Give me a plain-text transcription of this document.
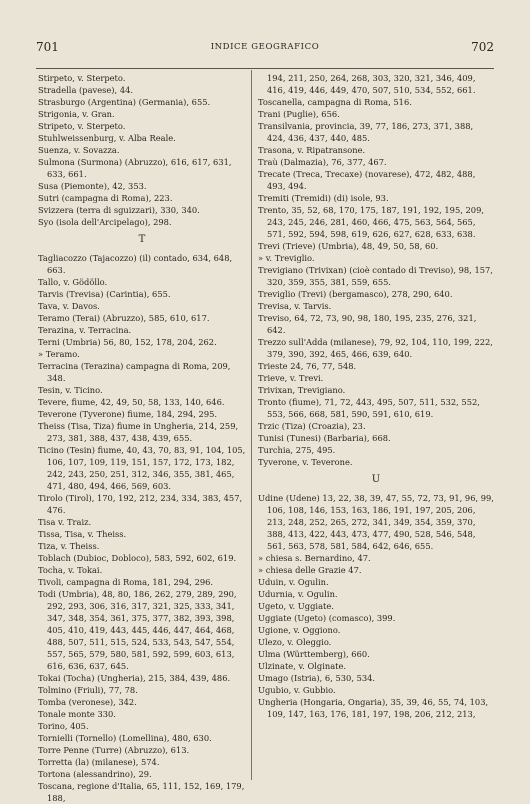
701	INDICE GEOGRAFICO	702
Stirpeto, v. Sterpeto.
Stradella (pavese), 44.
Strasburgo (Argentina) (Germania), 655.
Strigonia, v. Gran.
Stripeto, v. Sterpeto.
Stuhlweissenburg, v. Alba Reale.
Suenza, v. Sovazza.
Sulmona (Surmona) (Abruzzo), 616, 617, 631, 633, 661.
Susa (Piemonte), 42, 353.
Sutri (campagna di Roma), 223.
Svizzera (terra di sguizzari), 330, 340.
Syo (isola dell'Arcipelago), 298.
T
Tagliacozzo (Tajacozzo) (il) contado, 634, 648, 663.
Tallo, v. Gödöllo.
Tarvis (Trevisa) (Carintia), 655.
Tava, v. Davos.
Teramo (Terai) (Abruzzo), 585, 610, 617.
Terazina, v. Terracina.
Terni (Umbria) 56, 80, 152, 178, 204, 262.
» Teramo.
Terracina (Terazina) campagna di Roma, 209, 348.
Tesin, v. Ticino.
Tevere, fiume, 42, 49, 50, 58, 133, 140, 646.
Teverone (Tyverone) fiume, 184, 294, 295.
Theiss (Tisa, Tiza) fiume in Ungheria, 214, 259, 273, 381, 388, 437, 438, 439, 655.
Ticino (Tesin) fiume, 40, 43, 70, 83, 91, 104, 105, 106, 107, 109, 119, 151, 157, 172, 173, 182, 242, 243, 250, 251, 312, 346, 355, 381, 465, 471, 480, 494, 466, 569, 603.
Tirolo (Tirol), 170, 192, 212, 234, 334, 383, 457, 476.
Tisa v. Traiz.
Tissa, Tisa, v. Theiss.
Tiza, v. Theiss.
Toblach (Dubioc, Dobloco), 583, 592, 602, 619.
Tocha, v. Tokai.
Tivoli, campagna di Roma, 181, 294, 296.
Todi (Umbria), 48, 80, 186, 262, 279, 289, 290, 292, 293, 306, 316, 317, 321, 325, 333, 341, 347, 348, 354, 361, 375, 377, 382, 393, 398, 405, 410, 419, 443, 445, 446, 447, 464, 468, 488, 507, 511, 515, 524, 533, 543, 547, 554, 557, 565, 579, 580, 581, 592, 599, 603, 613, 616, 636, 637, 645.
Tokai (Tocha) (Ungheria), 215, 384, 439, 486.
Tolmino (Friuli), 77, 78.
Tomba (veronese), 342.
Tonale monte 330.
Torino, 405.
Tornielli (Tornello) (Lomellina), 480, 630.
Torre Penne (Turre) (Abruzzo), 613.
Torretta (la) (milanese), 574.
Tortona (alessandrino), 29.
Toscana, regione d'Italia, 65, 111, 152, 169, 179, 188,
194, 211, 250, 264, 268, 303, 320, 321, 346, 409, 416, 419, 446, 449, 470, 507, 510, 534, 552, 661.
Toscanella, campagna di Roma, 516.
Trani (Puglie), 656.
Transilvania, provincia, 39, 77, 186, 273, 371, 388, 424, 436, 437, 440, 485.
Trasona, v. Ripatransone.
Traù (Dalmazia), 76, 377, 467.
Trecate (Treca, Trecaxe) (novarese), 472, 482, 488, 493, 494.
Tremiti (Tremidi) (di) isole, 93.
Trento, 35, 52, 68, 170, 175, 187, 191, 192, 195, 209, 243, 245, 246, 281, 460, 466, 475, 563, 564, 565, 571, 592, 594, 598, 619, 626, 627, 628, 633, 638.
Trevi (Trieve) (Umbria), 48, 49, 50, 58, 60.
» v. Treviglio.
Trevigiano (Trivixan) (cioè contado di Treviso), 98, 157, 320, 359, 355, 381, 559, 655.
Treviglio (Trevi) (bergamasco), 278, 290, 640.
Trevisa, v. Tarvis.
Treviso, 64, 72, 73, 90, 98, 180, 195, 235, 276, 321, 642.
Trezzo sull'Adda (milanese), 79, 92, 104, 110, 199, 222, 379, 390, 392, 465, 466, 639, 640.
Trieste 24, 76, 77, 548.
Trieve, v. Trevi.
Trivixan, Trevigiano.
Tronto (fiume), 71, 72, 443, 495, 507, 511, 532, 552, 553, 566, 668, 581, 590, 591, 610, 619.
Trzic (Tiza) (Croazia), 23.
Tunisi (Tunesi) (Barbaria), 668.
Turchia, 275, 495.
Tyverone, v. Teverone.
U
Udine (Udene) 13, 22, 38, 39, 47, 55, 72, 73, 91, 96, 99, 106, 108, 146, 153, 163, 186, 191, 197, 205, 206, 213, 248, 252, 265, 272, 341, 349, 354, 359, 370, 388, 413, 422, 443, 473, 477, 490, 528, 546, 548, 561, 563, 578, 581, 584, 642, 646, 655.
» chiesa s. Bernardino, 47.
» chiesa delle Grazie 47.
Uduin, v. Ogulin.
Udurnia, v. Ogulin.
Ugeto, v. Uggiate.
Uggiate (Ugeto) (comasco), 399.
Ugione, v. Oggiono.
Ulezo, v. Oleggio.
Ulma (Württemberg), 660.
Ulzinate, v. Olginate.
Umago (Istria), 6, 530, 534.
Ugubio, v. Gubbio.
Ungheria (Hongaria, Ongaria), 35, 39, 46, 55, 74, 103, 109, 147, 163, 176, 181, 197, 198, 206, 212, 213,
